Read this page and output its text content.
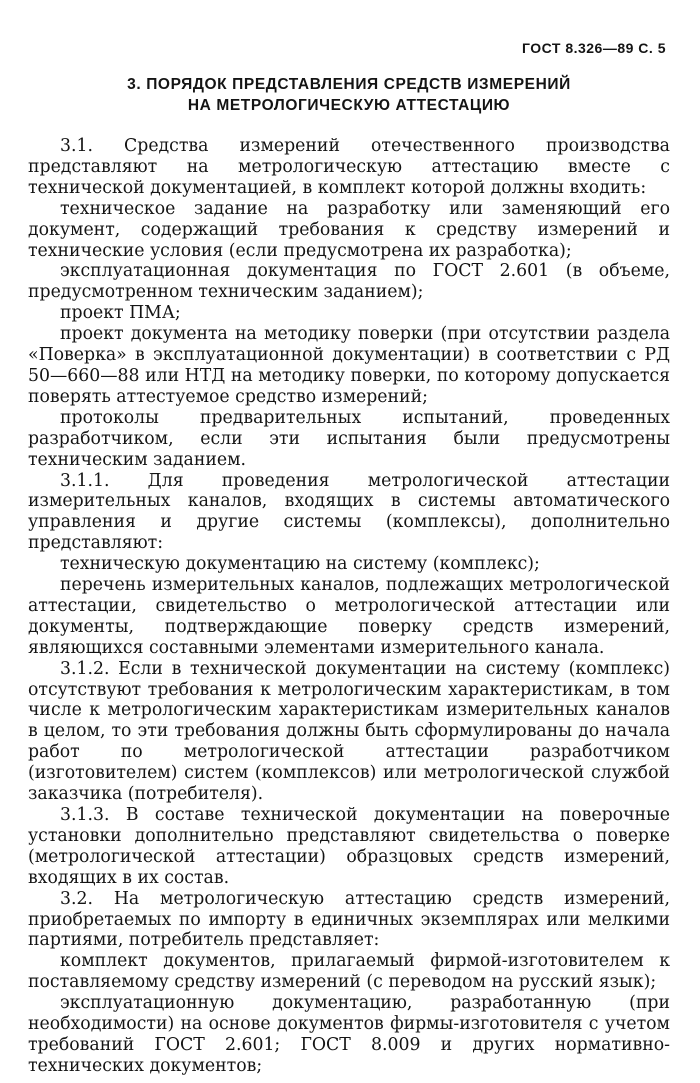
ГОСТ 8.326—89 С. 5
3. ПОРЯДОК ПРЕДСТАВЛЕНИЯ СРЕДСТВ ИЗМЕРЕНИЙ
НА МЕТРОЛОГИЧЕСКУЮ АТТЕСТАЦИЮ

3.1. Средства измерений отечественного производства представляют на метрологическую аттестацию вместе с технической документацией, в комплект которой должны входить:

техническое задание на разработку или заменяющий его документ, содержащий требования к средству измерений и технические условия (если предусмотрена их разработка);

эксплуатационная документация по ГОСТ 2.601 (в объеме, предусмотренном техническим заданием);

проект ПМА;

проект документа на методику поверки (при отсутствии раздела «Поверка» в эксплуатационной документации) в соответствии с РД 50—660—88 или НТД на методику поверки, по которому допускается поверять аттестуемое средство измерений;

протоколы предварительных испытаний, проведенных разработчиком, если эти испытания были предусмотрены техническим заданием.

3.1.1. Для проведения метрологической аттестации измерительных каналов, входящих в системы автоматического управления и другие системы (комплексы), дополнительно представляют:

техническую документацию на систему (комплекс);

перечень измерительных каналов, подлежащих метрологической аттестации, свидетельство о метрологической аттестации или документы, подтверждающие поверку средств измерений, являющихся составными элементами измерительного канала.

3.1.2. Если в технической документации на систему (комплекс) отсутствуют требования к метрологическим характеристикам, в том числе к метрологическим характеристикам измерительных каналов в целом, то эти требования должны быть сформулированы до начала работ по метрологической аттестации разработчиком (изготовителем) систем (комплексов) или метрологической службой заказчика (потребителя).

3.1.3. В составе технической документации на поверочные установки дополнительно представляют свидетельства о поверке (метрологической аттестации) образцовых средств измерений, входящих в их состав.

3.2. На метрологическую аттестацию средств измерений, приобретаемых по импорту в единичных экземплярах или мелкими партиями, потребитель представляет:

комплект документов, прилагаемый фирмой-изготовителем к поставляемому средству измерений (с переводом на русский язык);

эксплуатационную документацию, разработанную (при необходимости) на основе документов фирмы-изготовителя с учетом требований ГОСТ 2.601; ГОСТ 8.009 и других нормативно-технических документов;
